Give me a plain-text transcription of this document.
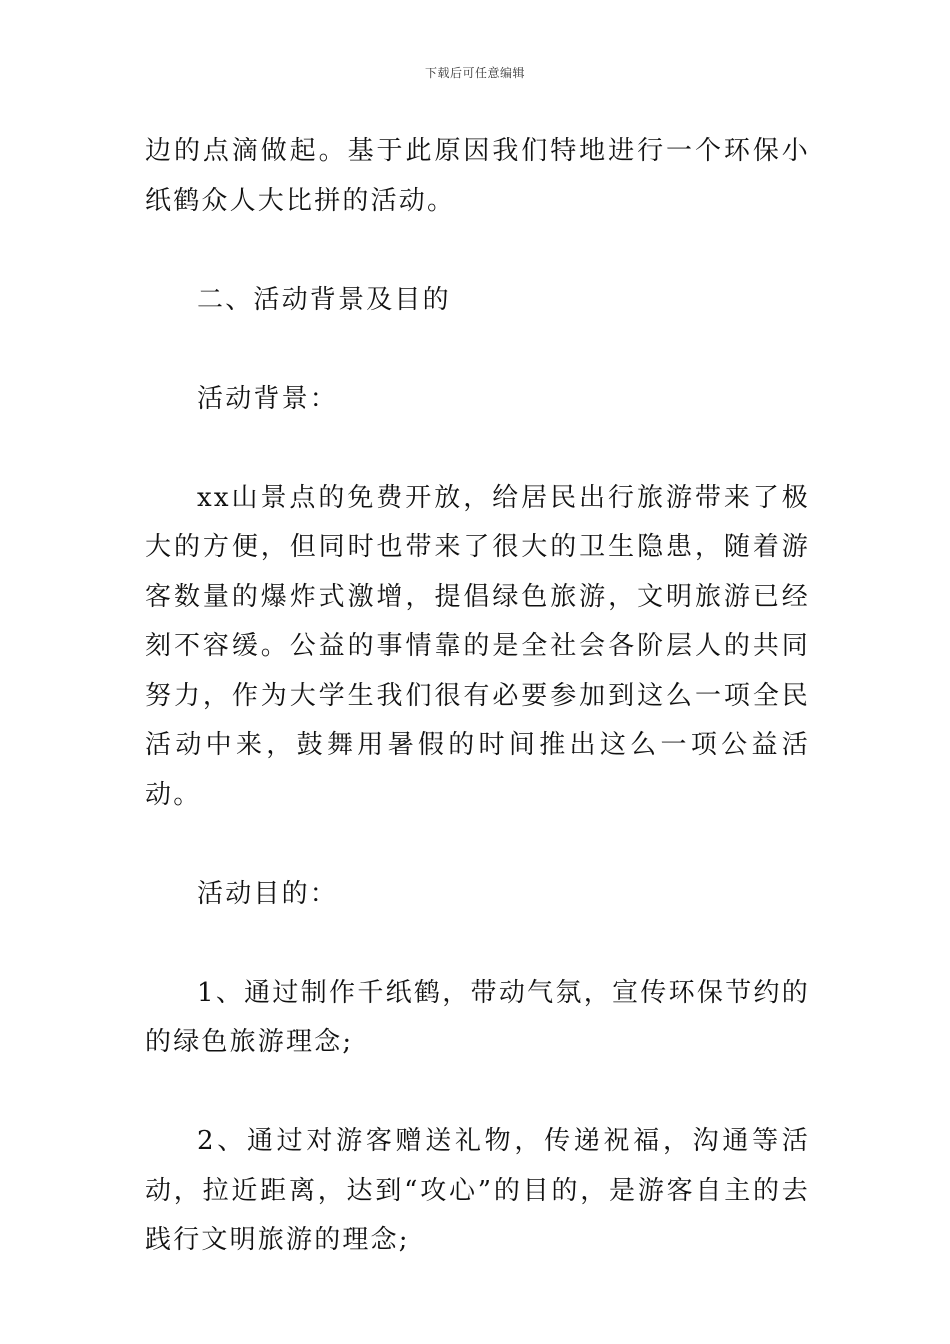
下载后可任意编辑

边的点滴做起。基于此原因我们特地进行一个环保小纸鹤众人大比拼的活动。

二、活动背景及目的

活动背景：

xx山景点的免费开放，给居民出行旅游带来了极大的方便，但同时也带来了很大的卫生隐患，随着游客数量的爆炸式激增，提倡绿色旅游，文明旅游已经刻不容缓。公益的事情靠的是全社会各阶层人的共同努力，作为大学生我们很有必要参加到这么一项全民活动中来，鼓舞用暑假的时间推出这么一项公益活动。

活动目的：

1、通过制作千纸鹤，带动气氛，宣传环保节约的的绿色旅游理念;

2、通过对游客赠送礼物，传递祝福，沟通等活动，拉近距离，达到“攻心”的目的，是游客自主的去践行文明旅游的理念;
